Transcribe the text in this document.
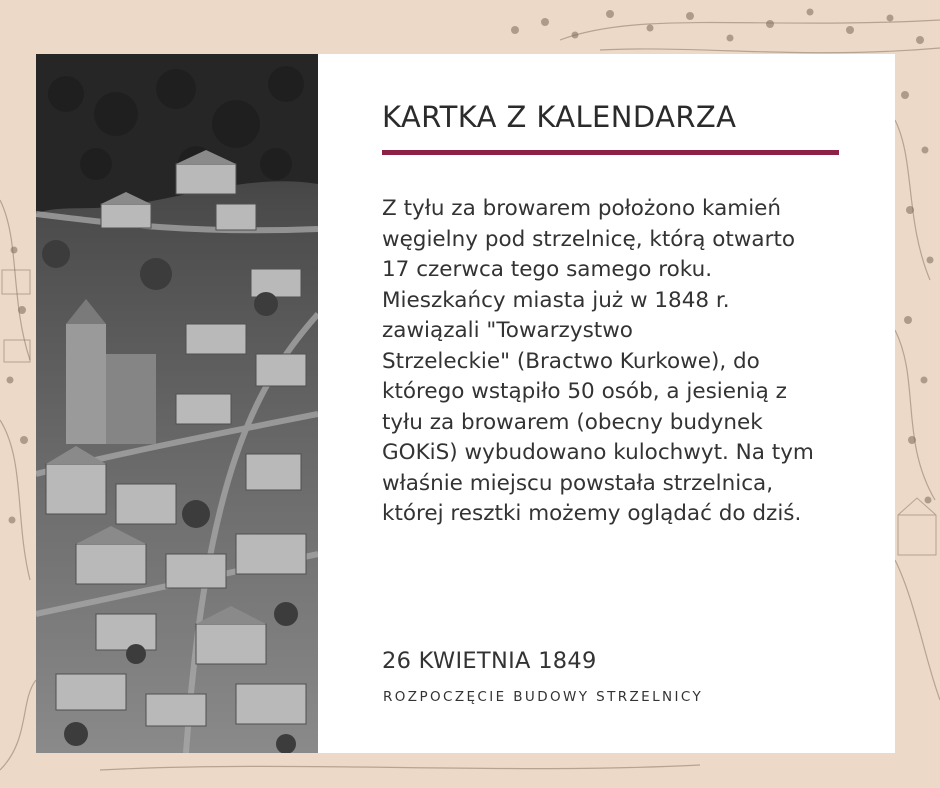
KARTKA Z KALENDARZA

Z tyłu za browarem położono kamień
węgielny pod strzelnicę, którą otwarto
17 czerwca tego samego roku.
Mieszkańcy miasta już w 1848 r.
zawiązali "Towarzystwo
Strzeleckie" (Bractwo Kurkowe), do
którego wstąpiło 50 osób, a jesienią z
tyłu za browarem (obecny budynek
GOKiS) wybudowano kulochwyt. Na tym
właśnie miejscu powstała strzelnica,
której resztki możemy oglądać do dziś.

26 KWIETNIA 1849
ROZPOCZĘCIE BUDOWY STRZELNICY
